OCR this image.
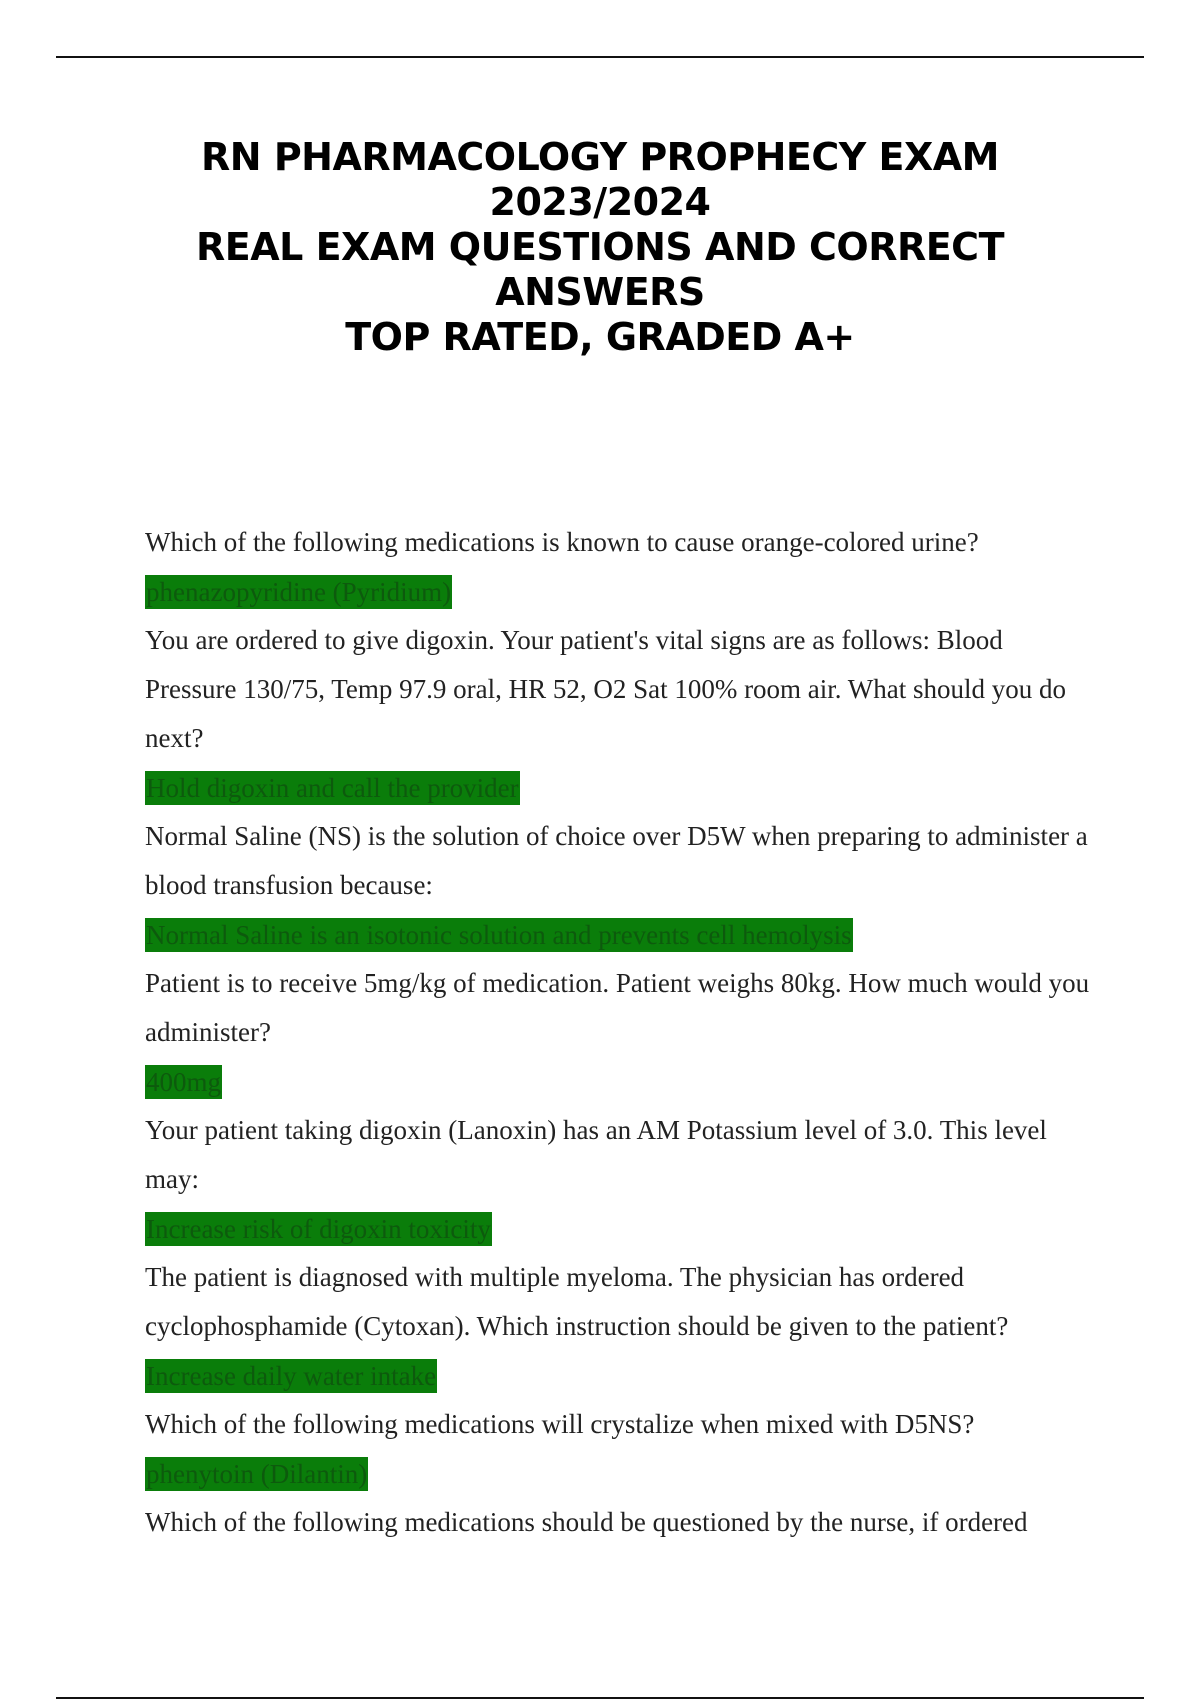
RN PHARMACOLOGY PROPHECY EXAM
2023/2024
REAL EXAM QUESTIONS AND CORRECT
ANSWERS
TOP RATED, GRADED A+

Which of the following medications is known to cause orange-colored urine?

phenazopyridine (Pyridium)

You are ordered to give digoxin. Your patient's vital signs are as follows: Blood Pressure 130/75, Temp 97.9 oral, HR 52, O2 Sat 100% room air. What should you do next?

Hold digoxin and call the provider

Normal Saline (NS) is the solution of choice over D5W when preparing to administer a blood transfusion because:

Normal Saline is an isotonic solution and prevents cell hemolysis

Patient is to receive 5mg/kg of medication. Patient weighs 80kg. How much would you administer?

400mg

Your patient taking digoxin (Lanoxin) has an AM Potassium level of 3.0. This level may:

Increase risk of digoxin toxicity

The patient is diagnosed with multiple myeloma. The physician has ordered cyclophosphamide (Cytoxan). Which instruction should be given to the patient?

Increase daily water intake

Which of the following medications will crystalize when mixed with D5NS?

phenytoin (Dilantin)

Which of the following medications should be questioned by the nurse, if ordered
